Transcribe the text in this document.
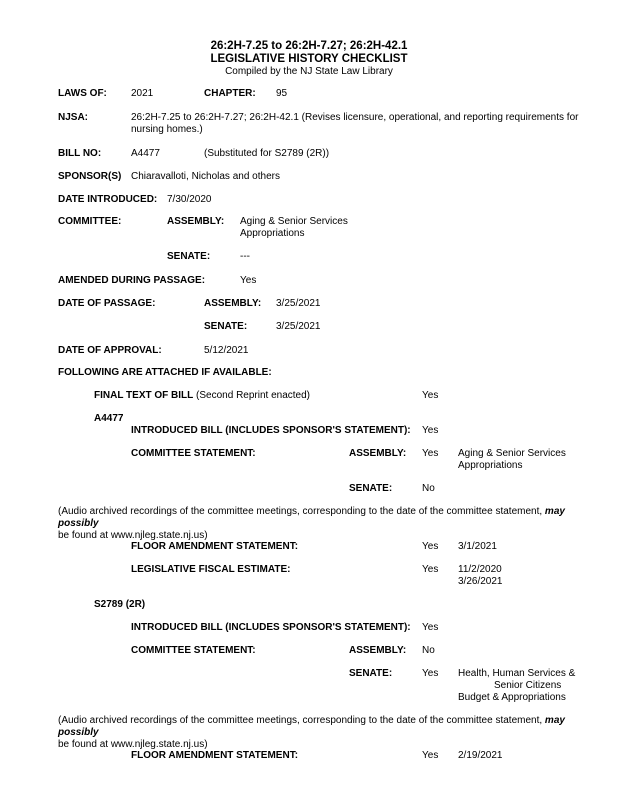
26:2H-7.25 to 26:2H-7.27; 26:2H-42.1
LEGISLATIVE HISTORY CHECKLIST
Compiled by the NJ State Law Library
LAWS OF: 2021	CHAPTER: 95
NJSA:	26:2H-7.25 to 26:2H-7.27; 26:2H-42.1 (Revises licensure, operational, and reporting requirements for
nursing homes.)
BILL NO:	A4477	(Substituted for S2789 (2R))
SPONSOR(S) Chiaravalloti, Nicholas and others
DATE INTRODUCED: 7/30/2020
COMMITTEE:	ASSEMBLY: Aging & Senior Services
Appropriations
SENATE:	---
AMENDED DURING PASSAGE:	Yes
DATE OF PASSAGE:	ASSEMBLY: 3/25/2021
SENATE:	3/25/2021
DATE OF APPROVAL:	5/12/2021
FOLLOWING ARE ATTACHED IF AVAILABLE:
FINAL TEXT OF BILL (Second Reprint enacted)	Yes
A4477
INTRODUCED BILL (INCLUDES SPONSOR'S STATEMENT): Yes
COMMITTEE STATEMENT:	ASSEMBLY: Yes Aging & Senior Services
Appropriations
SENATE:	No
(Audio archived recordings of the committee meetings, corresponding to the date of the committee statement, may possibly
be found at www.njleg.state.nj.us)
FLOOR AMENDMENT STATEMENT:	Yes 3/1/2021
LEGISLATIVE FISCAL ESTIMATE:	Yes 11/2/2020
3/26/2021
S2789 (2R)
INTRODUCED BILL (INCLUDES SPONSOR'S STATEMENT): Yes
COMMITTEE STATEMENT:	ASSEMBLY: No
SENATE:	Yes Health, Human Services &
Senior Citizens
Budget & Appropriations
(Audio archived recordings of the committee meetings, corresponding to the date of the committee statement, may possibly
be found at www.njleg.state.nj.us)
FLOOR AMENDMENT STATEMENT:	Yes 2/19/2021
